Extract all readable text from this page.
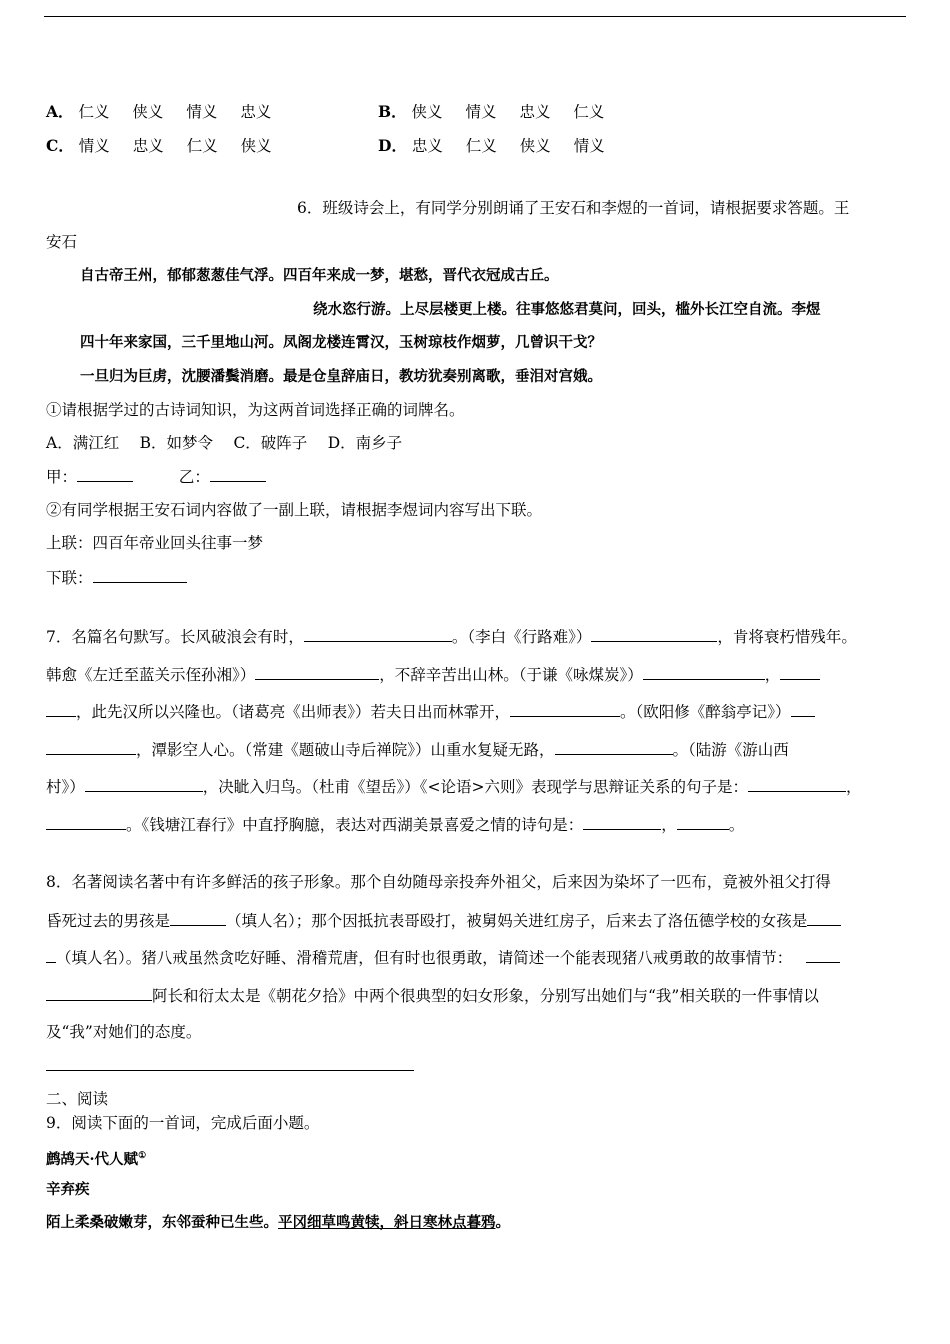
A． 仁义 侠义 情义 忠义	B． 侠义 情义 忠义 仁义
C． 情义 忠义 仁义 侠义	D． 忠义 仁义 侠义 情义
6．班级诗会上，有同学分别朗诵了王安石和李煜的一首词，请根据要求答题。王
安石
自古帝王州，郁郁葱葱佳气浮。四百年来成一梦，堪愁，晋代衣冠成古丘。
绕水恣行游。上尽层楼更上楼。往事悠悠君莫问，回头，槛外长江空自流。李煜
四十年来家国，三千里地山河。凤阁龙楼连霄汉，玉树琼枝作烟萝，几曾识干戈？
一旦归为巨虏，沈腰潘鬓消磨。最是仓皇辞庙日，教坊犹奏别离歌，垂泪对宫娥。
①请根据学过的古诗词知识，为这两首词选择正确的词牌名。
A．满江红　 B．如梦令　 C．破阵子　 D．南乡子
甲：	乙：
②有同学根据王安石词内容做了一副上联，请根据李煜词内容写出下联。
上联：四百年帝业回头往事一梦
下联：
7．名篇名句默写。长风破浪会有时，	。（李白《行路难》）	，肯将衰朽惜残年。
韩愈《左迁至蓝关示侄孙湘》）	，不辞辛苦出山林。（于谦《咏煤炭》）	，
，此先汉所以兴隆也。（诸葛亮《出师表》）若夫日出而林霏开，	。（欧阳修《醉翁亭记》）
，潭影空人心。（常建《题破山寺后禅院》）山重水复疑无路，	。（陆游《游山西
村》）	，决眦入归鸟。（杜甫《望岳》）《<论语>六则》表现学与思辩证关系的句子是：	，
。《钱塘江春行》中直抒胸臆，表达对西湖美景喜爱之情的诗句是：	，	。
8．名著阅读名著中有许多鲜活的孩子形象。那个自幼随母亲投奔外祖父，后来因为染坏了一匹布，竟被外祖父打得
昏死过去的男孩是	（填人名）；那个因抵抗表哥殴打，被舅妈关进红房子，后来去了洛伍德学校的女孩是
（填人名）。猪八戒虽然贪吃好睡、滑稽荒唐，但有时也很勇敢，请简述一个能表现猪八戒勇敢的故事情节：
阿长和衍太太是《朝花夕拾》中两个很典型的妇女形象，分别写出她们与“我”相关联的一件事情以
及“我”对她们的态度。
二、阅读
9．阅读下面的一首词，完成后面小题。
鹧鸪天·代人赋①
辛弃疾
陌上柔桑破嫩芽，东邻蚕种已生些。平冈细草鸣黄犊，斜日寒林点暮鸦。
